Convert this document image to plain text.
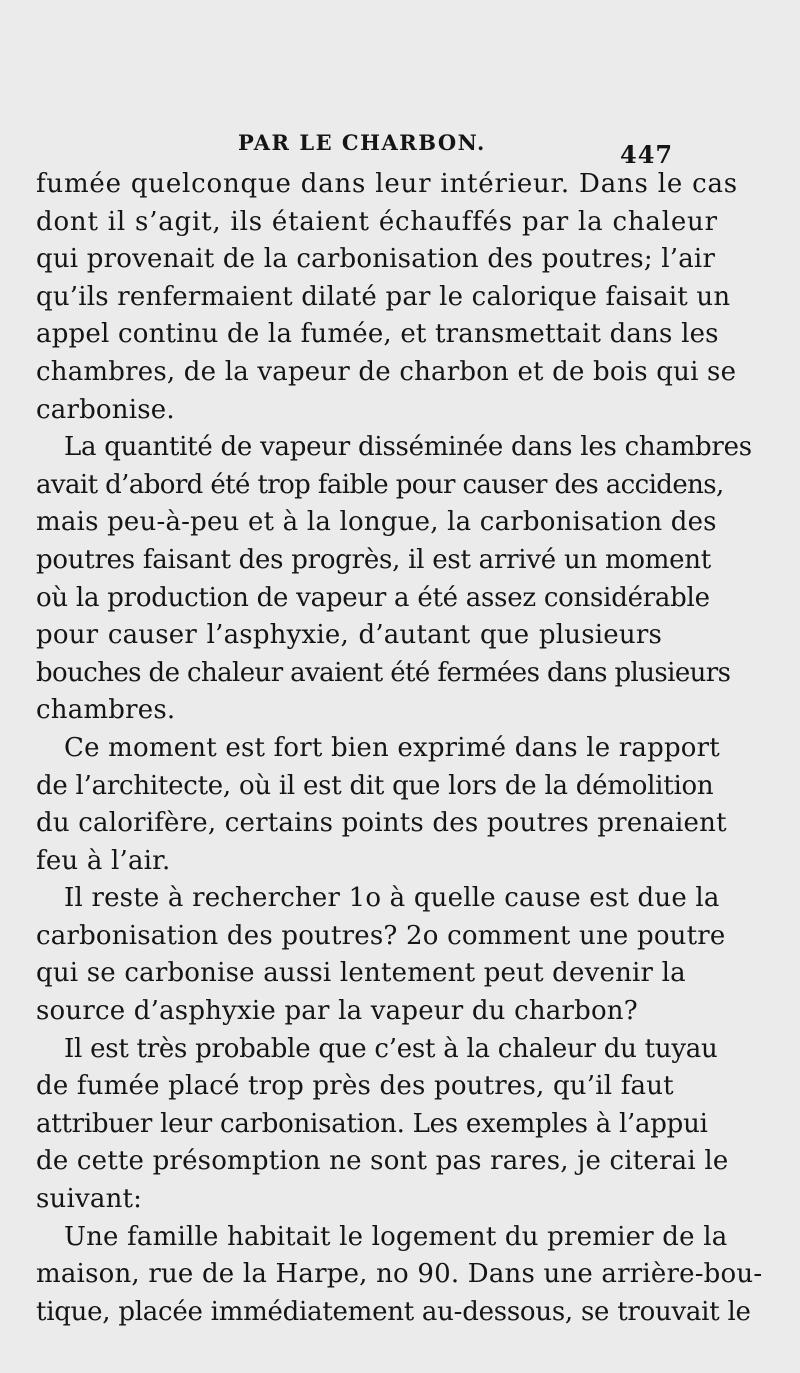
PAR LE CHARBON.	447
fumée quelconque dans leur intérieur. Dans le cas
dont il s’agit, ils étaient échauffés par la chaleur
qui provenait de la carbonisation des poutres; l’air
qu’ils renfermaient dilaté par le calorique faisait un
appel continu de la fumée, et transmettait dans les
chambres, de la vapeur de charbon et de bois qui se
carbonise.
La quantité de vapeur disséminée dans les chambres
avait d’abord été trop faible pour causer des accidens,
mais peu-à-peu et à la longue, la carbonisation des
poutres faisant des progrès, il est arrivé un moment
où la production de vapeur a été assez considérable
pour causer l’asphyxie, d’autant que plusieurs
bouches de chaleur avaient été fermées dans plusieurs
chambres.
Ce moment est fort bien exprimé dans le rapport
de l’architecte, où il est dit que lors de la démolition
du calorifère, certains points des poutres prenaient
feu à l’air.
Il reste à rechercher 1o à quelle cause est due la
carbonisation des poutres? 2o comment une poutre
qui se carbonise aussi lentement peut devenir la
source d’asphyxie par la vapeur du charbon?
Il est très probable que c’est à la chaleur du tuyau
de fumée placé trop près des poutres, qu’il faut
attribuer leur carbonisation. Les exemples à l’appui
de cette présomption ne sont pas rares, je citerai le
suivant:
Une famille habitait le logement du premier de la
maison, rue de la Harpe, no 90. Dans une arrière-bou-
tique, placée immédiatement au-dessous, se trouvait le
